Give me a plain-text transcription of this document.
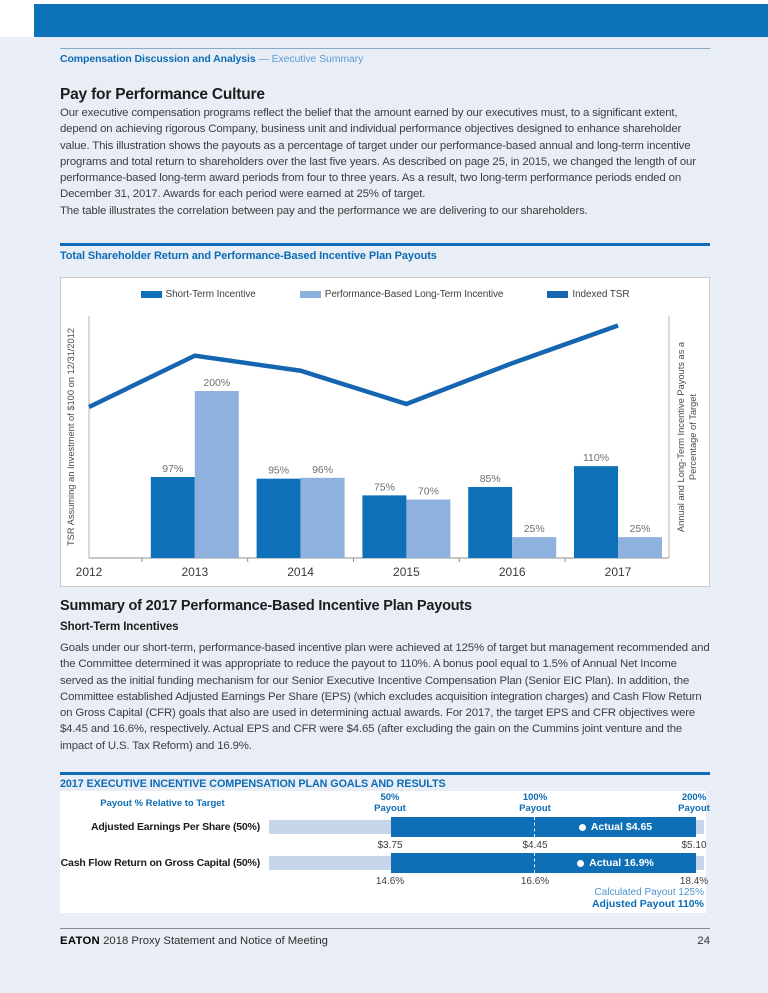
Compensation Discussion and Analysis — Executive Summary
Pay for Performance Culture

Our executive compensation programs reflect the belief that the amount earned by our executives must, to a significant extent, depend on achieving rigorous Company, business unit and individual performance objectives designed to enhance shareholder value. This illustration shows the payouts as a percentage of target under our performance-based annual and long-term incentive programs and total return to shareholders over the last five years. As described on page 25, in 2015, we changed the length of our performance-based long-term award periods from four to three years. As a result, two long-term performance periods ended on December 31, 2017. Awards for each period were earned at 25% of target.

The table illustrates the correlation between pay and the performance we are delivering to our shareholders.

Total Shareholder Return and Performance-Based Incentive Plan Payouts
97%	95%
75%
85%
110%
200%
96%
70%
25%	25%
2012	2013	2014	2015	2016	2017
TSR Assuming an Investment of $100 on 12/31/2012	Annual and Long-Term Incentive Payouts as a Percentage of Target
Short-Term Incentive	Performance-Based Long-Term Incentive	Indexed TSR
Summary of 2017 Performance-Based Incentive Plan Payouts
Short-Term Incentives

Goals under our short-term, performance-based incentive plan were achieved at 125% of target but management recommended and the Committee determined it was appropriate to reduce the payout to 110%. A bonus pool equal to 1.5% of Annual Net Income served as the initial funding mechanism for our Senior Executive Incentive Compensation Plan (Senior EIC Plan). In addition, the Committee established Adjusted Earnings Per Share (EPS) (which excludes acquisition integration charges) and Cash Flow Return on Gross Capital (CFR) goals that also are used in determining actual awards. For 2017, the target EPS and CFR objectives were $4.45 and 16.6%, respectively. Actual EPS and CFR were $4.65 (after excluding the gain on the Cummins joint venture and the impact of U.S. Tax Reform) and 16.9%.

2017 EXECUTIVE INCENTIVE COMPENSATION PLAN GOALS AND RESULTS
Payout % Relative to Target
50%
Payout
100%
Payout
200%
Payout
Adjusted Earnings Per Share (50%)	Actual $4.65
$3.75	$4.45	$5.10
Cash Flow Return on Gross Capital (50%)	Actual 16.9%
14.6%	16.6%	18.4%
Calculated Payout 125%
Adjusted Payout 110%
EATON 2018 Proxy Statement and Notice of Meeting	24
